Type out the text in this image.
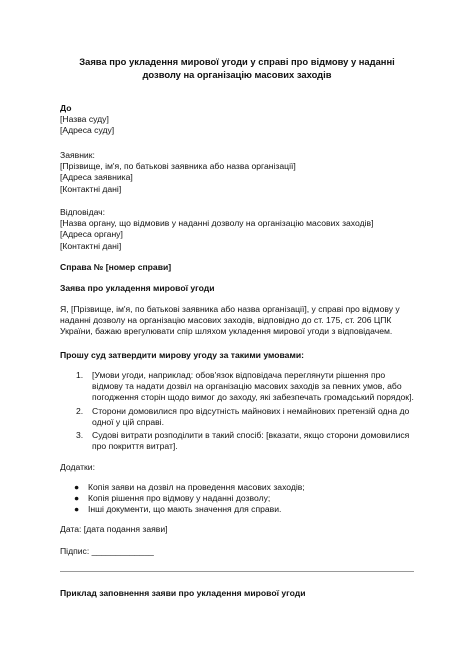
Заява про укладення мирової угоди у справі про відмову у наданні
дозволу на організацію масових заходів
До
[Назва суду]
[Адреса суду]
Заявник:
[Прізвище, ім'я, по батькові заявника або назва організації]
[Адреса заявника]
[Контактні дані]
Відповідач:
[Назва органу, що відмовив у наданні дозволу на організацію масових заходів]
[Адреса органу]
[Контактні дані]
Справа № [номер справи]
Заява про укладення мирової угоди
Я, [Прізвище, ім'я, по батькові заявника або назва організації], у справі про відмову у
наданні дозволу на організацію масових заходів, відповідно до ст. 175, ст. 206 ЦПК
України, бажаю врегулювати спір шляхом укладення мирової угоди з відповідачем.
Прошу суд затвердити мирову угоду за такими умовами:
1. [Умови угоди, наприклад: обов'язок відповідача переглянути рішення про
відмову та надати дозвіл на організацію масових заходів за певних умов, або
погодження сторін щодо вимог до заходу, які забезпечать громадський порядок].
2. Сторони домовилися про відсутність майнових і немайнових претензій одна до
одної у цій справі.
3. Судові витрати розподілити в такий спосіб: [вказати, якщо сторони домовилися
про покриття витрат].
Додатки:
● Копія заяви на дозвіл на проведення масових заходів;
● Копія рішення про відмову у наданні дозволу;
● Інші документи, що мають значення для справи.
Дата: [дата подання заяви]
Підпис: _____________
Приклад заповнення заяви про укладення мирової угоди
